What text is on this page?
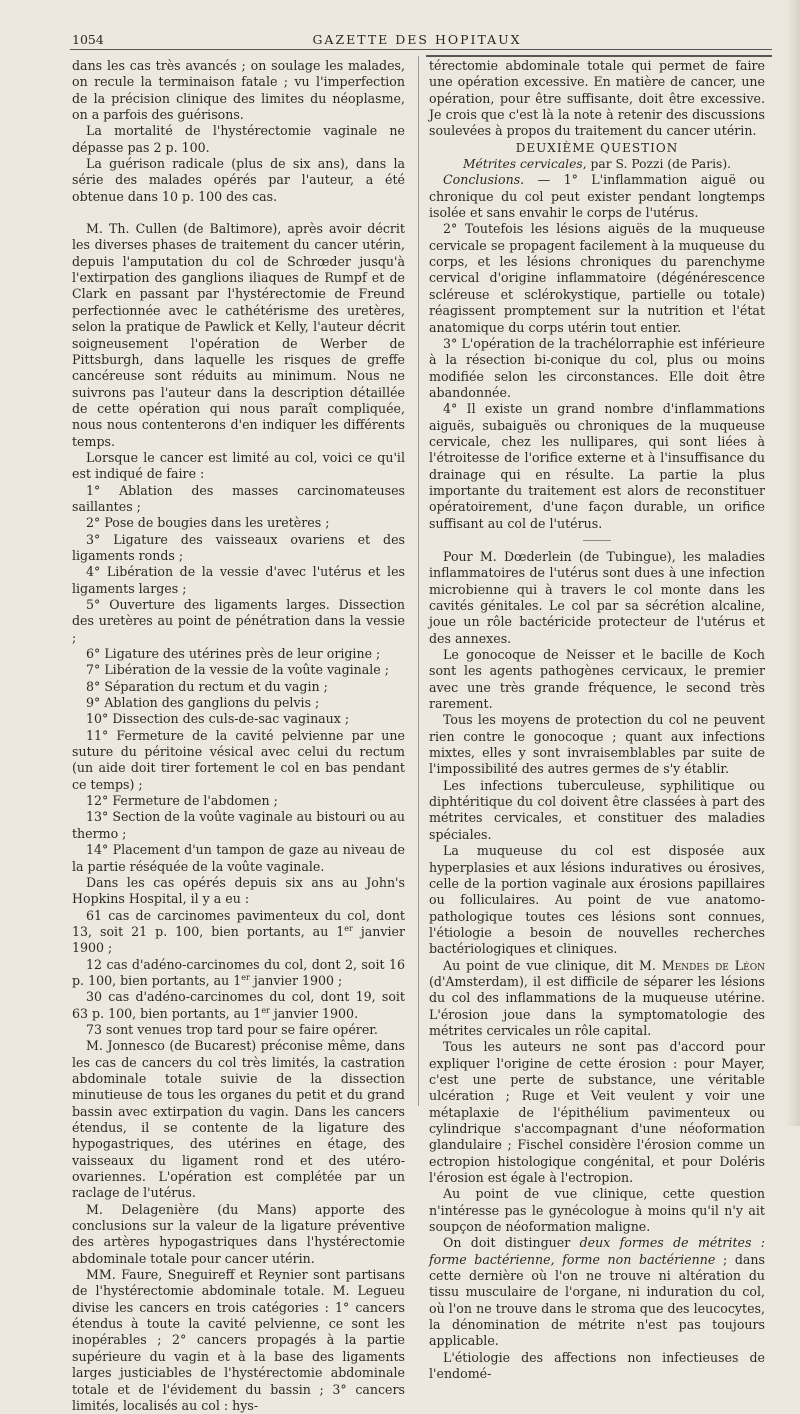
1054	GAZETTE DES HOPITAUX

dans les cas très avancés ; on soulage les malades, on recule la terminaison fatale ; vu l'imperfection de la précision clinique des limites du néoplasme, on a parfois des guérisons.

La mortalité de l'hystérectomie vaginale ne dépasse pas 2 p. 100.

La guérison radicale (plus de six ans), dans la série des malades opérés par l'auteur, a été obtenue dans 10 p. 100 des cas.

M. Th. Cullen (de Baltimore), après avoir décrit les diverses phases de traitement du cancer utérin, depuis l'amputation du col de Schrœder jusqu'à l'extirpation des ganglions iliaques de Rumpf et de Clark en passant par l'hystérectomie de Freund perfectionnée avec le cathétérisme des uretères, selon la pratique de Pawlick et Kelly, l'auteur décrit soigneusement l'opération de Werber de Pittsburgh, dans laquelle les risques de greffe cancéreuse sont réduits au minimum. Nous ne suivrons pas l'auteur dans la description détaillée de cette opération qui nous paraît compliquée, nous nous contenterons d'en indiquer les différents temps.

Lorsque le cancer est limité au col, voici ce qu'il est indiqué de faire :

1° Ablation des masses carcinomateuses saillantes ;

2° Pose de bougies dans les uretères ;

3° Ligature des vaisseaux ovariens et des ligaments ronds ;

4° Libération de la vessie d'avec l'utérus et les ligaments larges ;

5° Ouverture des ligaments larges. Dissection des uretères au point de pénétration dans la vessie ;

6° Ligature des utérines près de leur origine ;

7° Libération de la vessie de la voûte vaginale ;

8° Séparation du rectum et du vagin ;

9° Ablation des ganglions du pelvis ;

10° Dissection des culs-de-sac vaginaux ;

11° Fermeture de la cavité pelvienne par une suture du péritoine vésical avec celui du rectum (un aide doit tirer fortement le col en bas pendant ce temps) ;

12° Fermeture de l'abdomen ;

13° Section de la voûte vaginale au bistouri ou au thermo ;

14° Placement d'un tampon de gaze au niveau de la partie réséquée de la voûte vaginale.

Dans les cas opérés depuis six ans au John's Hopkins Hospital, il y a eu :

61 cas de carcinomes pavimenteux du col, dont 13, soit 21 p. 100, bien portants, au 1er janvier 1900 ;

12 cas d'adéno-carcinomes du col, dont 2, soit 16 p. 100, bien portants, au 1er janvier 1900 ;

30 cas d'adéno-carcinomes du col, dont 19, soit 63 p. 100, bien portants, au 1er janvier 1900.

73 sont venues trop tard pour se faire opérer.

M. Jonnesco (de Bucarest) préconise même, dans les cas de cancers du col très limités, la castration abdominale totale suivie de la dissection minutieuse de tous les organes du petit et du grand bassin avec extirpation du vagin. Dans les cancers étendus, il se contente de la ligature des hypogastriques, des utérines en étage, des vaisseaux du ligament rond et des utéro-ovariennes. L'opération est complétée par un raclage de l'utérus.

M. Delagenière (du Mans) apporte des conclusions sur la valeur de la ligature préventive des artères hypogastriques dans l'hystérectomie abdominale totale pour cancer utérin.

MM. Faure, Sneguireff et Reynier sont partisans de l'hystérectomie abdominale totale. M. Legueu divise les cancers en trois catégories : 1° cancers étendus à toute la cavité pelvienne, ce sont les inopérables ; 2° cancers propagés à la partie supérieure du vagin et à la base des ligaments larges justiciables de l'hystérectomie abdominale totale et de l'évidement du bassin ; 3° cancers limités, localisés au col : hys-

térectomie abdominale totale qui permet de faire une opération excessive. En matière de cancer, une opération, pour être suffisante, doit être excessive. Je crois que c'est là la note à retenir des discussions soulevées à propos du traitement du cancer utérin.

DEUXIÈME QUESTION

Métrites cervicales, par S. Pozzi (de Paris).

Conclusions. — 1° L'inflammation aiguë ou chronique du col peut exister pendant longtemps isolée et sans envahir le corps de l'utérus.

2° Toutefois les lésions aiguës de la muqueuse cervicale se propagent facilement à la muqueuse du corps, et les lésions chroniques du parenchyme cervical d'origine inflammatoire (dégénérescence scléreuse et sclérokystique, partielle ou totale) réagissent promptement sur la nutrition et l'état anatomique du corps utérin tout entier.

3° L'opération de la trachélorraphie est inférieure à la résection bi-conique du col, plus ou moins modifiée selon les circonstances. Elle doit être abandonnée.

4° Il existe un grand nombre d'inflammations aiguës, subaiguës ou chroniques de la muqueuse cervicale, chez les nullipares, qui sont liées à l'étroitesse de l'orifice externe et à l'insuffisance du drainage qui en résulte. La partie la plus importante du traitement est alors de reconstituer opératoirement, d'une façon durable, un orifice suffisant au col de l'utérus.

Pour M. Dœderlein (de Tubingue), les maladies inflammatoires de l'utérus sont dues à une infection microbienne qui à travers le col monte dans les cavités génitales. Le col par sa sécrétion alcaline, joue un rôle bactéricide protecteur de l'utérus et des annexes.

Le gonocoque de Neisser et le bacille de Koch sont les agents pathogènes cervicaux, le premier avec une très grande fréquence, le second très rarement.

Tous les moyens de protection du col ne peuvent rien contre le gonocoque ; quant aux infections mixtes, elles y sont invraisemblables par suite de l'impossibilité des autres germes de s'y établir.

Les infections tuberculeuse, syphilitique ou diphtéritique du col doivent être classées à part des métrites cervicales, et constituer des maladies spéciales.

La muqueuse du col est disposée aux hyperplasies et aux lésions induratives ou érosives, celle de la portion vaginale aux érosions papillaires ou folliculaires. Au point de vue anatomo-pathologique toutes ces lésions sont connues, l'étiologie a besoin de nouvelles recherches bactériologiques et cliniques.

Au point de vue clinique, dit M. Mendes de Léon (d'Amsterdam), il est difficile de séparer les lésions du col des inflammations de la muqueuse utérine. L'érosion joue dans la symptomatologie des métrites cervicales un rôle capital.

Tous les auteurs ne sont pas d'accord pour expliquer l'origine de cette érosion : pour Mayer, c'est une perte de substance, une véritable ulcération ; Ruge et Veit veulent y voir une métaplaxie de l'épithélium pavimenteux ou cylindrique s'accompagnant d'une néoformation glandulaire ; Fischel considère l'érosion comme un ectropion histologique congénital, et pour Doléris l'érosion est égale à l'ectropion.

Au point de vue clinique, cette question n'intéresse pas le gynécologue à moins qu'il n'y ait soupçon de néoformation maligne.

On doit distinguer deux formes de métrites : forme bactérienne, forme non bactérienne ; dans cette dernière où l'on ne trouve ni altération du tissu musculaire de l'organe, ni induration du col, où l'on ne trouve dans le stroma que des leucocytes, la dénomination de métrite n'est pas toujours applicable.

L'étiologie des affections non infectieuses de l'endomé-
